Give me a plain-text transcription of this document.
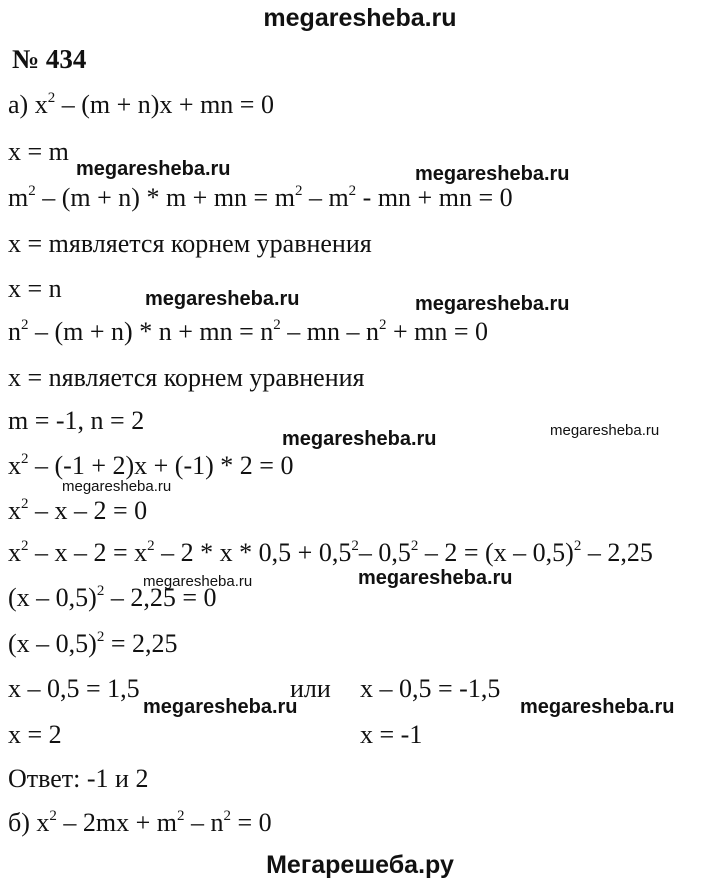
megaresheba.ru
№ 434
а) $x^2 - (m + n)x$ + mn = 0
x = m
$m^2 - (m + n) * m$ + mn = $m^2 - m^2$ - mn + mn = 0
x = mявляется корнем уравнения
x = n
$n^2 - (m + n) * n$ + mn = $n^2$ – mn – $n^2$ + mn = 0
x = nявляется корнем уравнения
m = -1, n = 2
$x^2 - (-1 + 2)x + (-1) * 2 = 0$
$x^2 - x - 2 = 0$
$x^2 - x - 2 = x^2 - 2 * x * 0,5 + 0,5^2-$ $0,5^2 - 2 = (x - 0,5)^2 - 2,25$
(x – 0,5)$^2$ – 2,25 = 0
(x – 0,5)$^2$ = 2,25
x – 0,5 = 1,5	или x – 0,5 = -1,5
x = 2	x = -1
Ответ: -1 и 2
б) $x^2 - 2mx + m^2 - n^2 = 0$
megaresheba.ru	megaresheba.ru
megaresheba.ru	megaresheba.ru
megaresheba.ru
megaresheba.ru
megaresheba.ru
megaresheba.ru	megaresheba.ru
megaresheba.ru	megaresheba.ru
Мегарешеба.ру
